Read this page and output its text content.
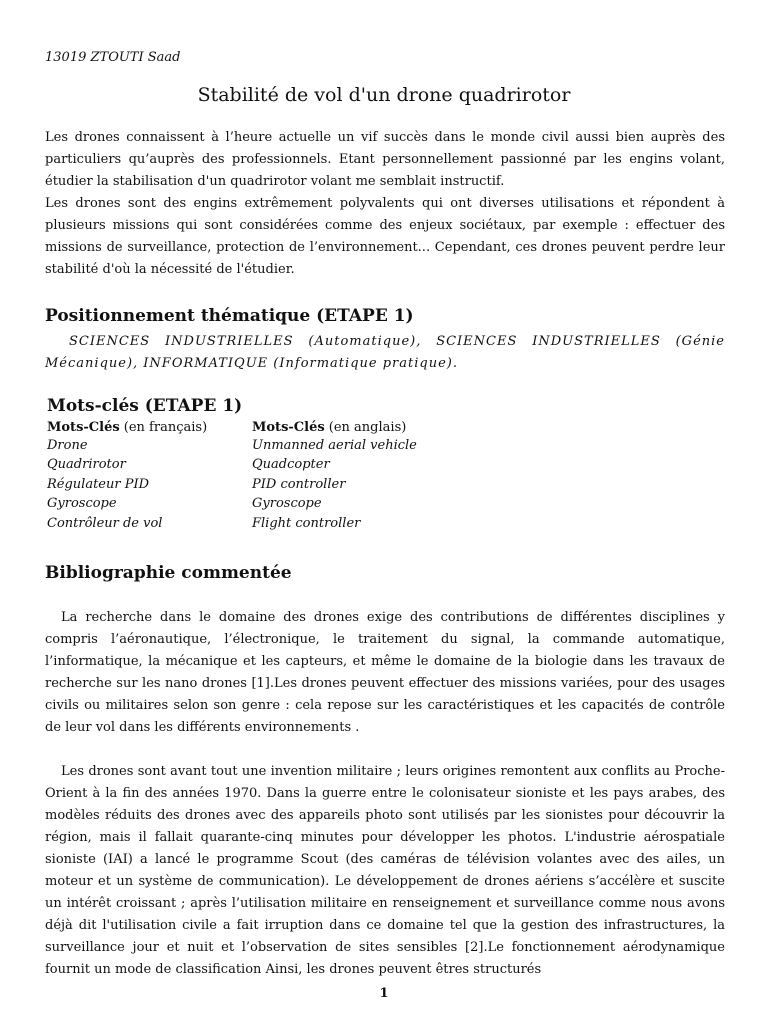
13019 ZTOUTI Saad
Stabilité de vol d'un drone quadrirotor

Les drones connaissent à l’heure actuelle un vif succès dans le monde civil aussi bien auprès des particuliers qu’auprès des professionnels. Etant personnellement passionné par les engins volant, étudier la stabilisation d'un quadrirotor volant me semblait instructif.

Les drones sont des engins extrêmement polyvalents qui ont diverses utilisations et répondent à plusieurs missions qui sont considérées comme des enjeux sociétaux, par exemple : effectuer des missions de surveillance, protection de l’environnement... Cependant, ces drones peuvent perdre leur stabilité d'où la nécessité de l'étudier.

Positionnement thématique (ETAPE 1)
SCIENCES INDUSTRIELLES (Automatique), SCIENCES INDUSTRIELLES (Génie Mécanique), INFORMATIQUE (Informatique pratique).
Mots-clés (ETAPE 1)
Mots-Clés (en français)	Mots-Clés (en anglais)
Drone	Unmanned aerial vehicle
Quadrirotor	Quadcopter
Régulateur PID	PID controller
Gyroscope	Gyroscope
Contrôleur de vol	Flight controller
Bibliographie commentée

La recherche dans le domaine des drones exige des contributions de différentes disciplines y compris l’aéronautique, l’électronique, le traitement du signal, la commande automatique, l’informatique, la mécanique et les capteurs, et même le domaine de la biologie dans les travaux de recherche sur les nano drones [1].Les drones peuvent effectuer des missions variées, pour des usages civils ou militaires selon son genre : cela repose sur les caractéristiques et les capacités de contrôle de leur vol dans les différents environnements .

Les drones sont avant tout une invention militaire ; leurs origines remontent aux conflits au Proche-Orient à la fin des années 1970. Dans la guerre entre le colonisateur sioniste et les pays arabes, des modèles réduits des drones avec des appareils photo sont utilisés par les sionistes pour découvrir la région, mais il fallait quarante-cinq minutes pour développer les photos. L'industrie aérospatiale sioniste (IAI) a lancé le programme Scout (des caméras de télévision volantes avec des ailes, un moteur et un système de communication). Le développement de drones aériens s’accélère et suscite un intérêt croissant ; après l’utilisation militaire en renseignement et surveillance comme nous avons déjà dit l'utilisation civile a fait irruption dans ce domaine tel que la gestion des infrastructures, la surveillance jour et nuit et l’observation de sites sensibles [2].Le fonctionnement aérodynamique fournit un mode de classification Ainsi, les drones peuvent êtres structurés

1
